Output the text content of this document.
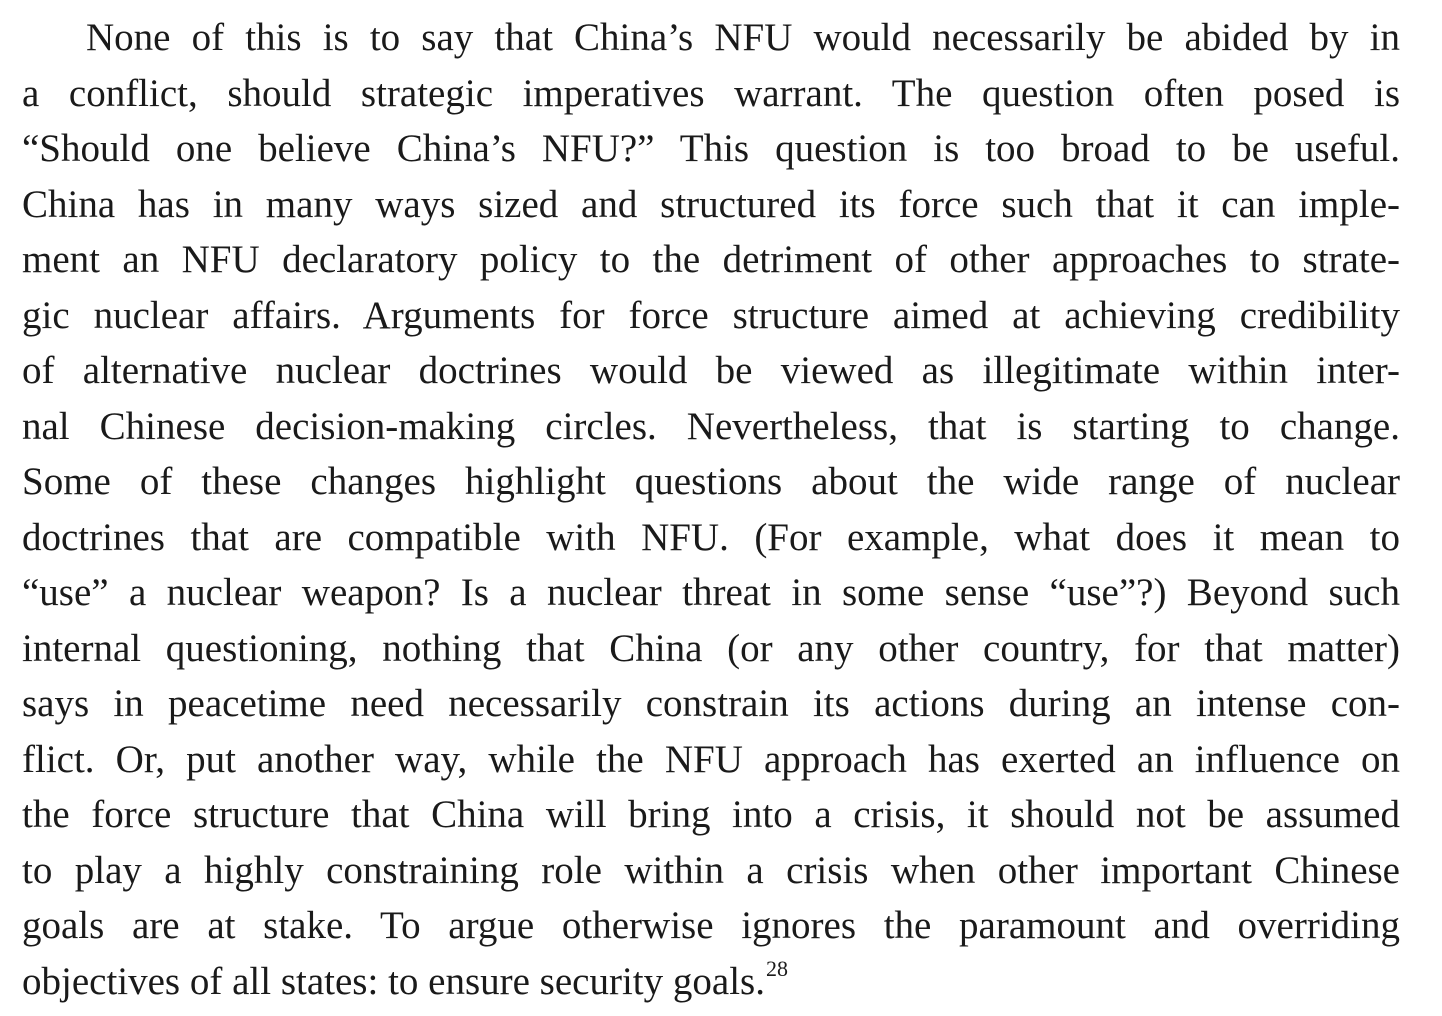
None of this is to say that China’s NFU would necessarily be abided by in
a conflict, should strategic imperatives warrant. The question often posed is
“Should one believe China’s NFU?” This question is too broad to be useful.
China has in many ways sized and structured its force such that it can imple-
ment an NFU declaratory policy to the detriment of other approaches to strate-
gic nuclear affairs. Arguments for force structure aimed at achieving credibility
of alternative nuclear doctrines would be viewed as illegitimate within inter-
nal Chinese decision-making circles. Nevertheless, that is starting to change.
Some of these changes highlight questions about the wide range of nuclear
doctrines that are compatible with NFU. (For example, what does it mean to
“use” a nuclear weapon? Is a nuclear threat in some sense “use”?) Beyond such
internal questioning, nothing that China (or any other country, for that matter)
says in peacetime need necessarily constrain its actions during an intense con-
flict. Or, put another way, while the NFU approach has exerted an influence on
the force structure that China will bring into a crisis, it should not be assumed
to play a highly constraining role within a crisis when other important Chinese
goals are at stake. To argue otherwise ignores the paramount and overriding
objectives of all states: to ensure security goals.$^{28}$
